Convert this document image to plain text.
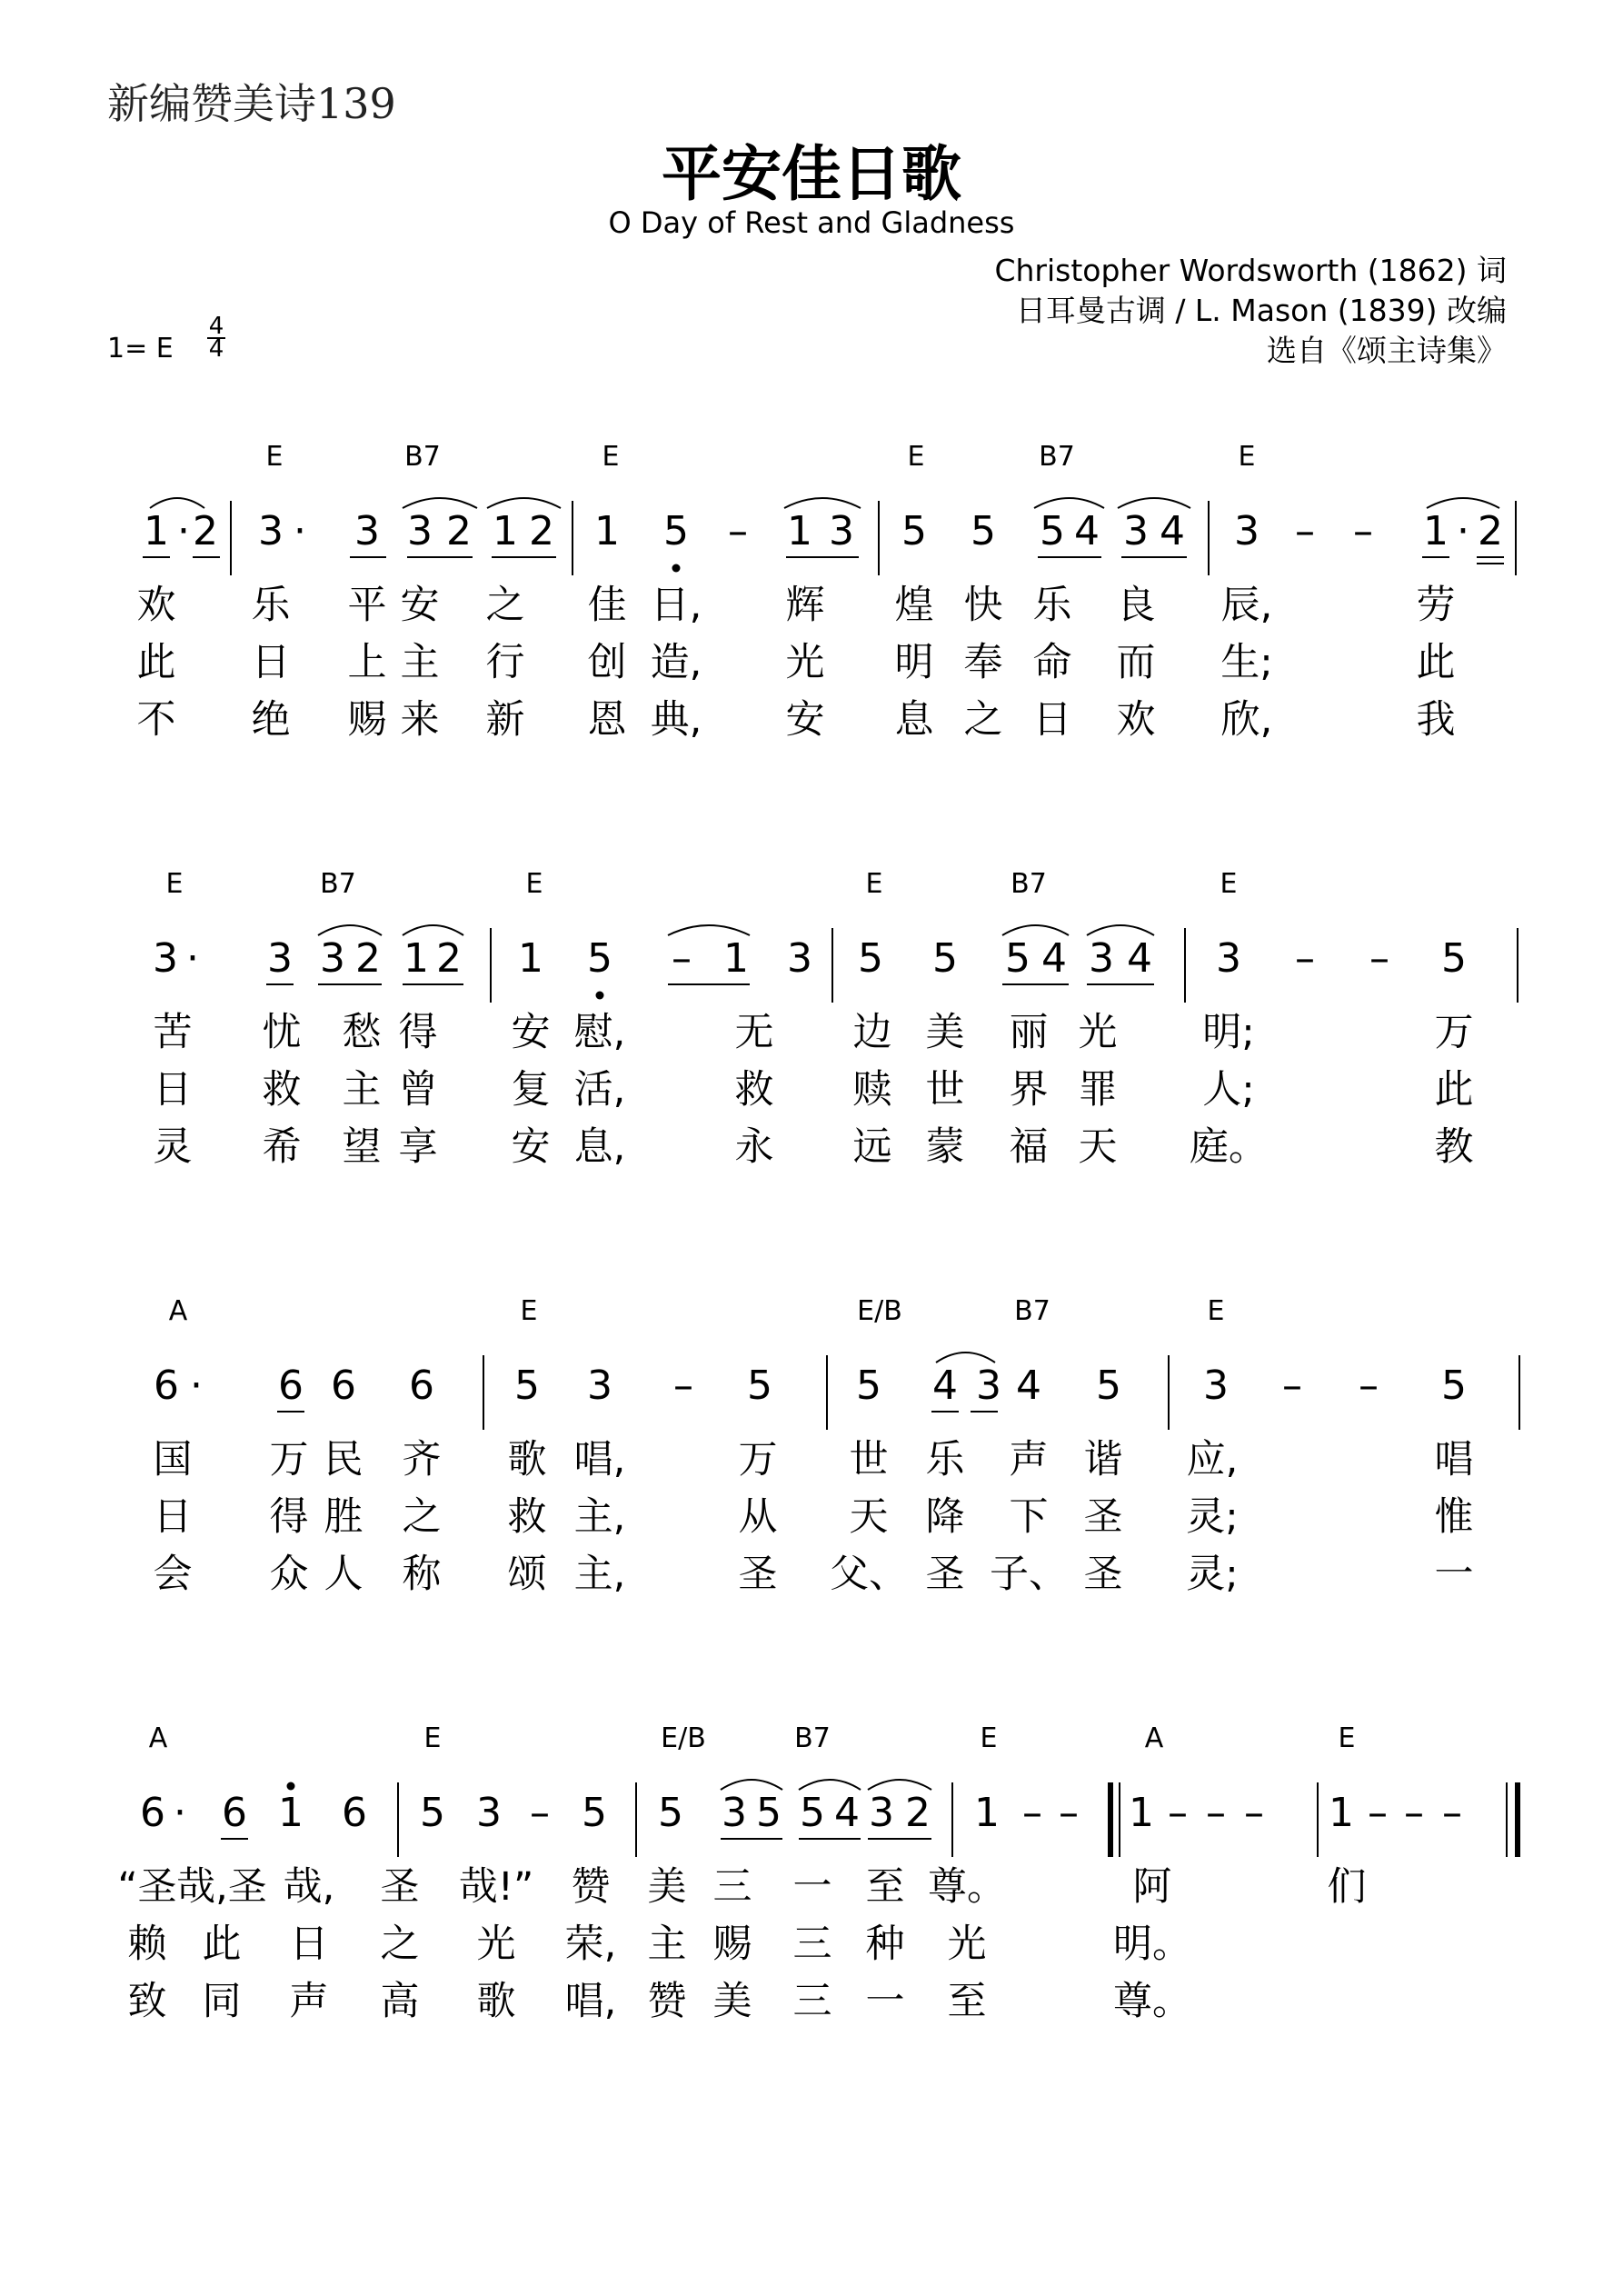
新编赞美诗139
平安佳日歌
O Day of Rest and Gladness
Christopher Wordsworth (1862) 词
日耳曼古调 / L. Mason (1839) 改编
选自《颂主诗集》
1= E
4
4
E	B7	E	E	B7	E
1 · 2 3 · 3 3 2 1 2 1 5 – 1 3 5 5 5 4 3 4 3 – – 1 · 2
欢 乐 平 安 之 佳 日, 辉 煌 快 乐 良 辰,	劳
此 日 上 主 行 创 造, 光 明 奉 命 而 生;	此
不 绝 赐 来 新 恩 典, 安 息 之 日 欢 欣,	我
E	B7	E	E	B7	E
3 · 3 3 2 1 2 1 5 – 1 3 5 5 5 4 3 4 3 – – 5
苦 忧 愁 得 安 慰,	无 边 美 丽 光 明;	万
日 救 主 曾 复 活,	救 赎 世 界 罪 人;	此
灵 希 望 享 安 息,	永 远 蒙 福 天 庭。	教
A	E	E/B	B7	E
6 · 6 6 6 5 3 – 5 5 4 3 4 5 3 – – 5
国 万 民 齐 歌 唱,	万 世 乐 声 谐 应,	唱
日 得 胜 之 救 主,	从 天 降 下 圣 灵;	惟
会 众 人 称 颂 主,	圣 父、 圣 子、 圣 灵;	一
A	E	E/B	B7	E	A	E
6 · 6 1 6 5 3 – 5 5 3 5 5 4 3 2 1 – – 1 – – – 1 – – –
“圣 哉,圣 哉, 圣 哉!” 赞 美 三 一 至 尊。	阿	们
赖 此 日 之 光 荣, 主 赐 三 种 光	明。
致 同 声 高 歌 唱, 赞 美 三 一 至	尊。
